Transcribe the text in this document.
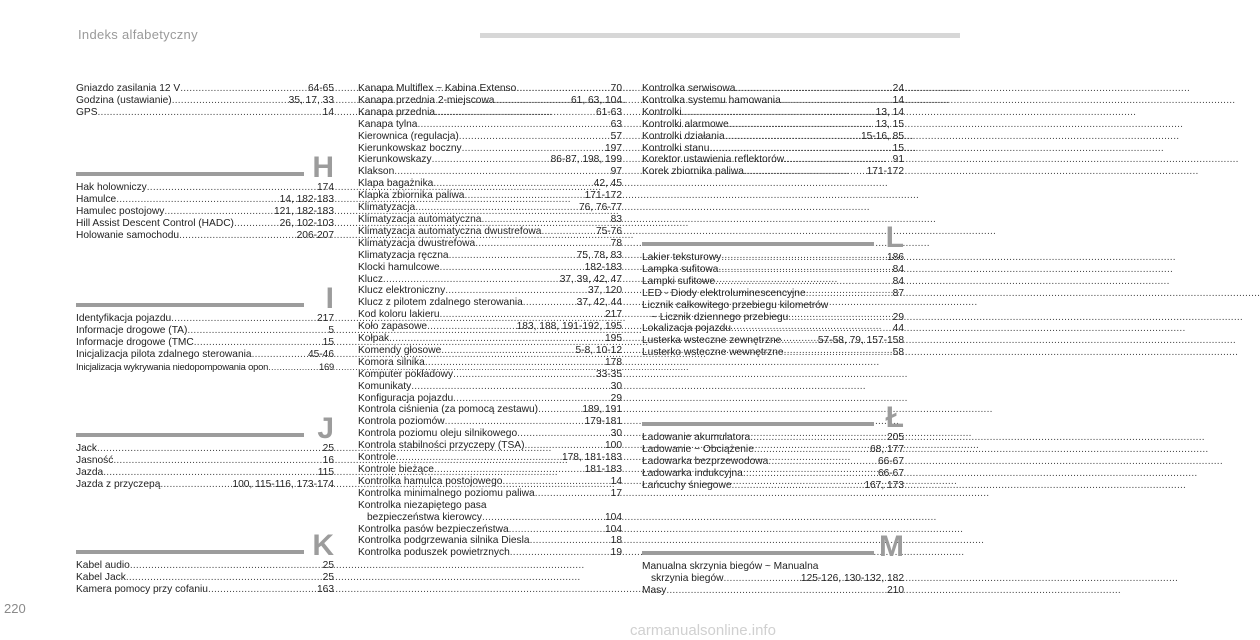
Indeks alfabetyczny
Gniazdo zasilania 12 V .....	64-65
Godzina (ustawianie) .....	35, 17, 33
GPS .....	14
H
Hak holowniczy .....	174
Hamulce .....	14, 182-183
Hamulec postojowy .....	121, 182-183
Hill Assist Descent Control (HADC) .....	26, 102-103
Holowanie samochodu .....	206-207
I
Identyfikacja pojazdu .....	217
Informacje drogowe (TA) .....	5
Informacje drogowe (TMC .....	15
Inicjalizacja pilota zdalnego sterowania .....	45-46
Inicjalizacja wykrywania niedopompowania opon .....	169
J
Jack .....	25
Jasność .....	16
Jazda .....	115
Jazda z przyczepą .....	100, 115-116, 173-174
K
Kabel audio .....	25
Kabel Jack .....	25
Kamera pomocy przy cofaniu .....	163
Kanapa Multiflex ~ Kabina Extenso .....	70
Kanapa przednia 2-miejscowa .....	61, 63, 104
Kanapa przednia .....	61-63
Kanapa tylna .....	63
Kierownica (regulacja) .....	57
Kierunkowskaz boczny .....	197
Kierunkowskazy .....	86-87, 198, 199
Klakson .....	97
Klapa bagażnika .....	42, 45
Klapka zbiornika paliwa .....	171-172
Klimatyzacja .....	76, 76-77
Klimatyzacja automatyczna .....	83
Klimatyzacja automatyczna dwustrefowa .....	75-76
Klimatyzacja dwustrefowa .....	78
Klimatyzacja ręczna .....	75, 78, 83
Klocki hamulcowe .....	182-183
Klucz .....	37, 39, 42, 47
Klucz elektroniczny .....	37, 120
Klucz z pilotem zdalnego sterowania .....	37, 42, 44
Kod koloru lakieru .....	217
Koło zapasowe .....	183, 188, 191-192, 195
Kołpak .....	195
Komendy głosowe .....	5-8, 10-12
Komora silnika .....	178
Komputer pokładowy .....	33-35
Komunikaty .....	30
Konfiguracja pojazdu .....	29
Kontrola ciśnienia (za pomocą zestawu) .....	189, 191
Kontrola poziomów .....	179-181
Kontrola poziomu oleju silnikowego .....	30
Kontrola stabilności przyczepy (TSA) .....	100
Kontrole .....	178, 181-183
Kontrole bieżące .....	181-183
Kontrolka hamulca postojowego .....	14
Kontrolka minimalnego poziomu paliwa .....	17
Kontrolka niezapiętego pasa
bezpieczeństwa kierowcy .....	104
Kontrolka pasów bezpieczeństwa .....	104
Kontrolka podgrzewania silnika Diesla .....	18
Kontrolka poduszek powietrznych .....	19
Kontrolka serwisowa .....	24
Kontrolka systemu hamowania .....	14
Kontrolki .....	13, 14
Kontrolki alarmowe .....	13, 15
Kontrolki działania .....	15-16, 85
Kontrolki stanu .....	15
Korektor ustawienia reflektorów .....	91
Korek zbiornika paliwa .....	171-172
L
Lakier teksturowy .....	186
Lampka sufitowa .....	84
Lampki sufitowe .....	84
LED - Diody elektroluminescencyjne .....	87
Licznik całkowitego przebiegu kilometrów
~ Licznik dziennego przebiegu .....	29
Lokalizacja pojazdu .....	44
Lusterka wsteczne zewnętrzne .....	57-58, 79, 157-158
Lusterko wsteczne wewnętrzne .....	58
Ł
Ładowanie akumulatora .....	205
Ładowanie ~ Obciążenie .....	68, 177
Ładowarka bezprzewodowa .....	66-67
Ładowarka indukcyjna .....	66-67
Łańcuchy śniegowe .....	167, 173
M
Manualna skrzynia biegów ~ Manualna
skrzynia biegów .....	125-126, 130-132, 182
Masy .....	210
220
carmanualsonline.info
